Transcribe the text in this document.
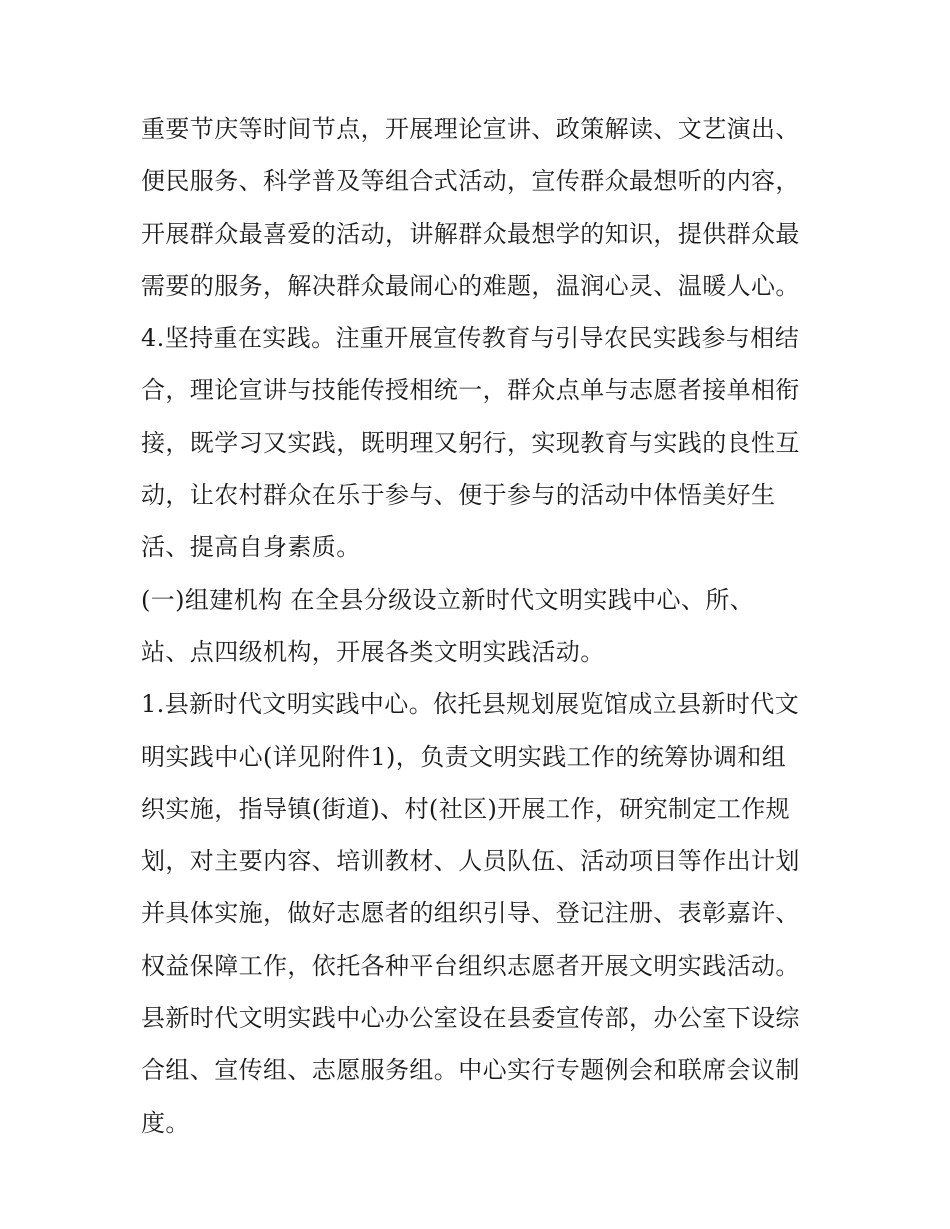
重要节庆等时间节点，开展理论宣讲、政策解读、文艺演出、
便民服务、科学普及等组合式活动，宣传群众最想听的内容，
开展群众最喜爱的活动，讲解群众最想学的知识，提供群众最
需要的服务，解决群众最闹心的难题，温润心灵、温暖人心。
4.坚持重在实践。注重开展宣传教育与引导农民实践参与相结
合，理论宣讲与技能传授相统一，群众点单与志愿者接单相衔
接，既学习又实践，既明理又躬行，实现教育与实践的良性互
动，让农村群众在乐于参与、便于参与的活动中体悟美好生
活、提高自身素质。
(一)组建机构 在全县分级设立新时代文明实践中心、所、
站、点四级机构，开展各类文明实践活动。
1.县新时代文明实践中心。依托县规划展览馆成立县新时代文
明实践中心(详见附件1)，负责文明实践工作的统筹协调和组
织实施，指导镇(街道)、村(社区)开展工作，研究制定工作规
划，对主要内容、培训教材、人员队伍、活动项目等作出计划
并具体实施，做好志愿者的组织引导、登记注册、表彰嘉许、
权益保障工作，依托各种平台组织志愿者开展文明实践活动。
县新时代文明实践中心办公室设在县委宣传部，办公室下设综
合组、宣传组、志愿服务组。中心实行专题例会和联席会议制
度。
